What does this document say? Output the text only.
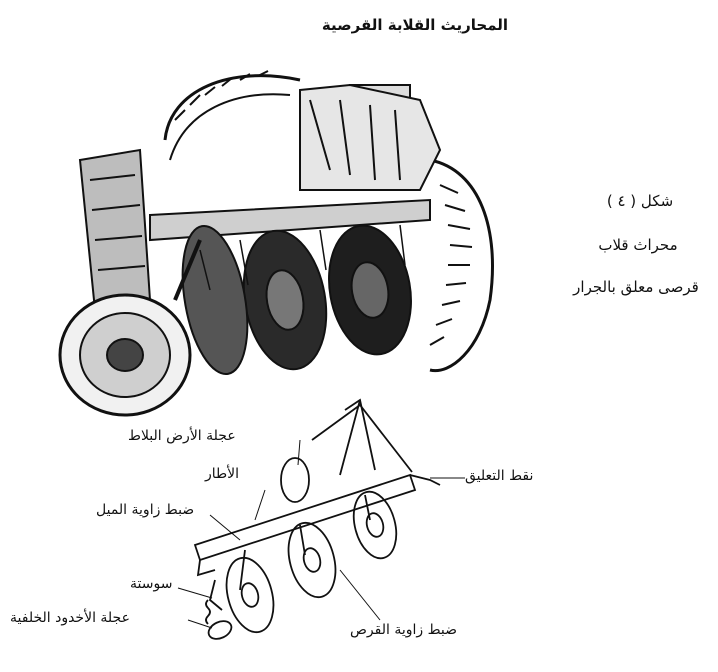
المحاريث القلابة القرصية
شكل ( ٤ )
محراث قلاب
قرصى معلق بالجرار
عجلة الأرض البلاط
الأطار	نقط التعليق
ضبط زاوية الميل
سوستة
عجلة الأخدود الخلفية
ضبط زاوية القرص
